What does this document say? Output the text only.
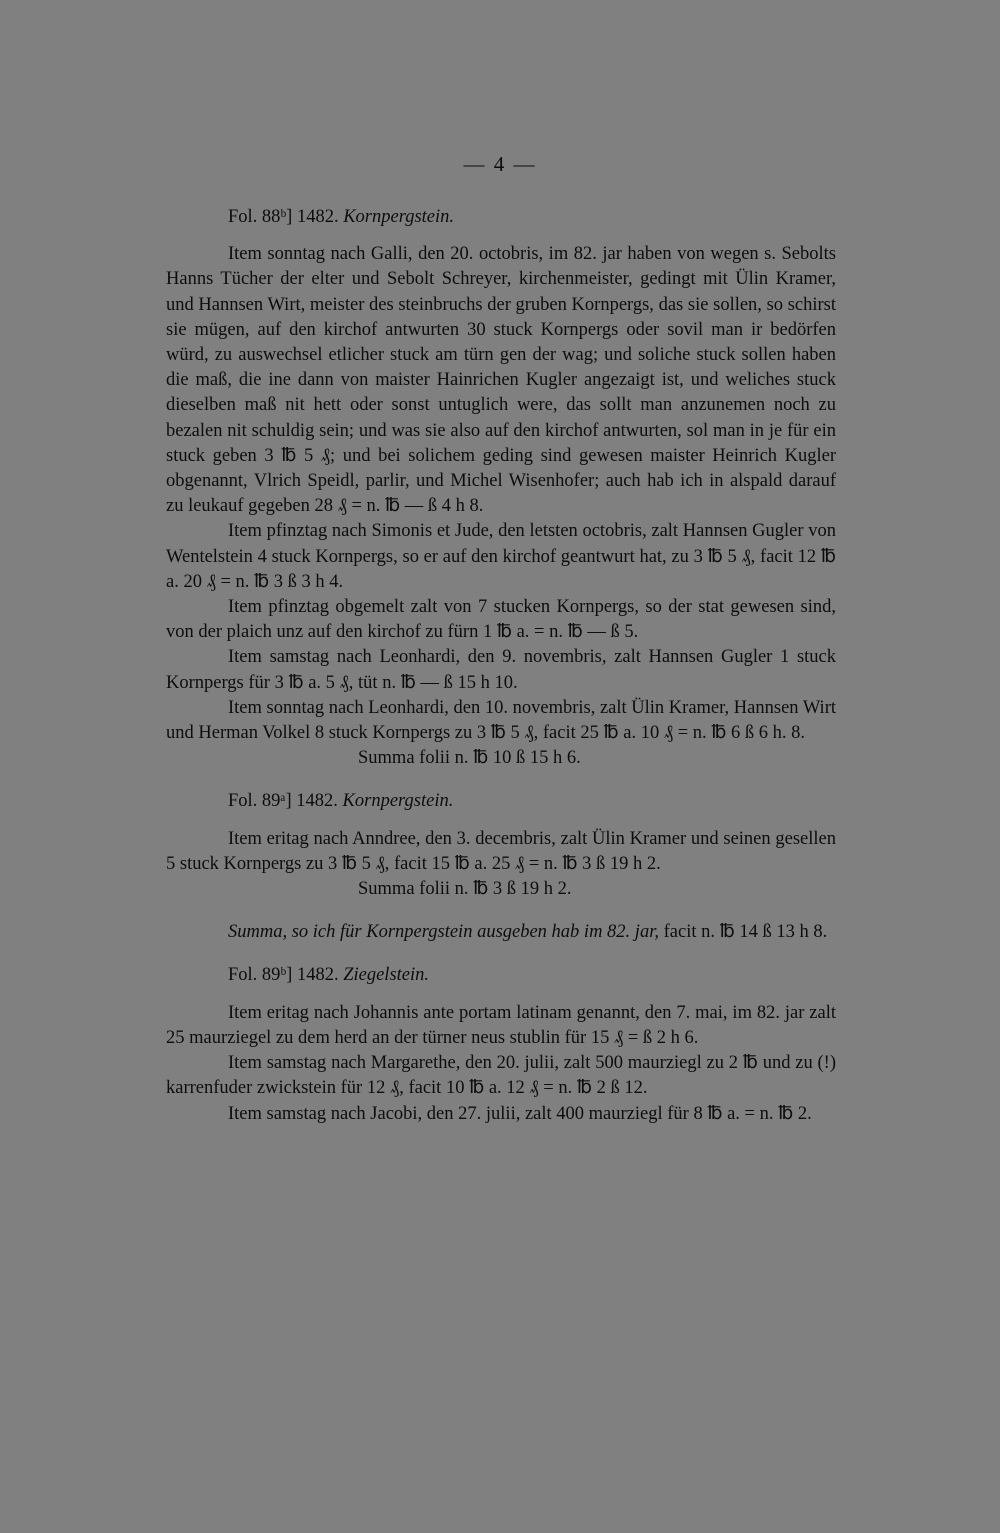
— 4 —
Fol. 88ᵇ] 1482. Kornpergstein.

Item sonntag nach Galli, den 20. octobris, im 82. jar haben von wegen s. Sebolts Hanns Tücher der elter und Sebolt Schreyer, kirchenmeister, gedingt mit Ülin Kramer, und Hannsen Wirt, meister des steinbruchs der gruben Kornpergs, das sie sollen, so schirst sie mügen, auf den kirchof antwurten 30 stuck Kornpergs oder sovil man ir bedörfen würd, zu auswechsel etlicher stuck am türn gen der wag; und soliche stuck sollen haben die maß, die ine dann von maister Hainrichen Kugler angezaigt ist, und weliches stuck dieselben maß nit hett oder sonst untuglich were, das sollt man anzunemen noch zu bezalen nit schuldig sein; und was sie also auf den kirchof antwurten, sol man in je für ein stuck geben 3 ℔ 5 ₰; und bei solichem geding sind gewesen maister Heinrich Kugler obgenannt, Vlrich Speidl, parlir, und Michel Wisenhofer; auch hab ich in alspald darauf zu leukauf gegeben 28 ₰ = n. ℔ — ß 4 h 8.

Item pfinztag nach Simonis et Jude, den letsten octobris, zalt Hannsen Gugler von Wentelstein 4 stuck Kornpergs, so er auf den kirchof geantwurt hat, zu 3 ℔ 5 ₰, facit 12 ℔ a. 20 ₰ = n. ℔ 3 ß 3 h 4.

Item pfinztag obgemelt zalt von 7 stucken Kornpergs, so der stat gewesen sind, von der plaich unz auf den kirchof zu fürn 1 ℔ a. = n. ℔ — ß 5.

Item samstag nach Leonhardi, den 9. novembris, zalt Hannsen Gugler 1 stuck Kornpergs für 3 ℔ a. 5 ₰, tüt n. ℔ — ß 15 h 10.

Item sonntag nach Leonhardi, den 10. novembris, zalt Ülin Kramer, Hannsen Wirt und Herman Volkel 8 stuck Kornpergs zu 3 ℔ 5 ₰, facit 25 ℔ a. 10 ₰ = n. ℔ 6 ß 6 h. 8.

Summa folii n. ℔ 10 ß 15 h 6.

Fol. 89ᵃ] 1482. Kornpergstein.

Item eritag nach Anndree, den 3. decembris, zalt Ülin Kramer und seinen gesellen 5 stuck Kornpergs zu 3 ℔ 5 ₰, facit 15 ℔ a. 25 ₰ = n. ℔ 3 ß 19 h 2.

Summa folii n. ℔ 3 ß 19 h 2.

Summa, so ich für Kornpergstein ausgeben hab im 82. jar, facit n. ℔ 14 ß 13 h 8.

Fol. 89ᵇ] 1482. Ziegelstein.

Item eritag nach Johannis ante portam latinam genannt, den 7. mai, im 82. jar zalt 25 maurziegel zu dem herd an der türner neus stublin für 15 ₰ = ß 2 h 6.

Item samstag nach Margarethe, den 20. julii, zalt 500 maurziegl zu 2 ℔ und zu (!) karrenfuder zwickstein für 12 ₰, facit 10 ℔ a. 12 ₰ = n. ℔ 2 ß 12.

Item samstag nach Jacobi, den 27. julii, zalt 400 maurziegl für 8 ℔ a. = n. ℔ 2.
